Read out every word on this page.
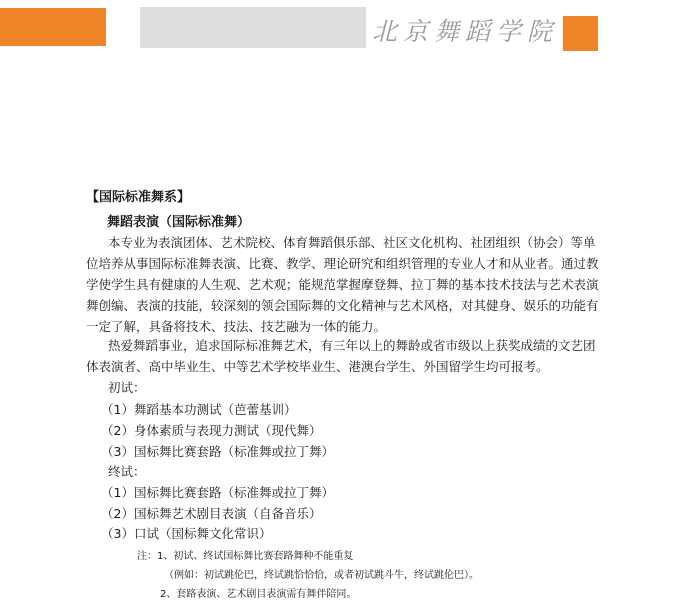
北京舞蹈学院
【国际标准舞系】
舞蹈表演（国际标准舞）
本专业为表演团体、艺术院校、体育舞蹈俱乐部、社区文化机构、社团组织（协会）等单
位培养从事国际标准舞表演、比赛、教学、理论研究和组织管理的专业人才和从业者。通过教
学使学生具有健康的人生观、艺术观；能规范掌握摩登舞、拉丁舞的基本技术技法与艺术表演
舞创编、表演的技能，较深刻的领会国际舞的文化精神与艺术风格，对其健身、娱乐的功能有
一定了解，具备将技术、技法、技艺融为一体的能力。
热爱舞蹈事业，追求国际标准舞艺术，有三年以上的舞龄或省市级以上获奖成绩的文艺团
体表演者、高中毕业生、中等艺术学校毕业生、港澳台学生、外国留学生均可报考。
初试：
（1）舞蹈基本功测试（芭蕾基训）
（2）身体素质与表现力测试（现代舞）
（3）国标舞比赛套路（标准舞或拉丁舞）
终试：
（1）国标舞比赛套路（标准舞或拉丁舞）
（2）国标舞艺术剧目表演（自备音乐）
（3）口试（国标舞文化常识）
注：1、初试、终试国标舞比赛套路舞种不能重复
（例如：初试跳伦巴，终试跳恰恰恰，或者初试跳斗牛，终试跳伦巴）。
2、套路表演、艺术剧目表演需有舞伴陪同。
